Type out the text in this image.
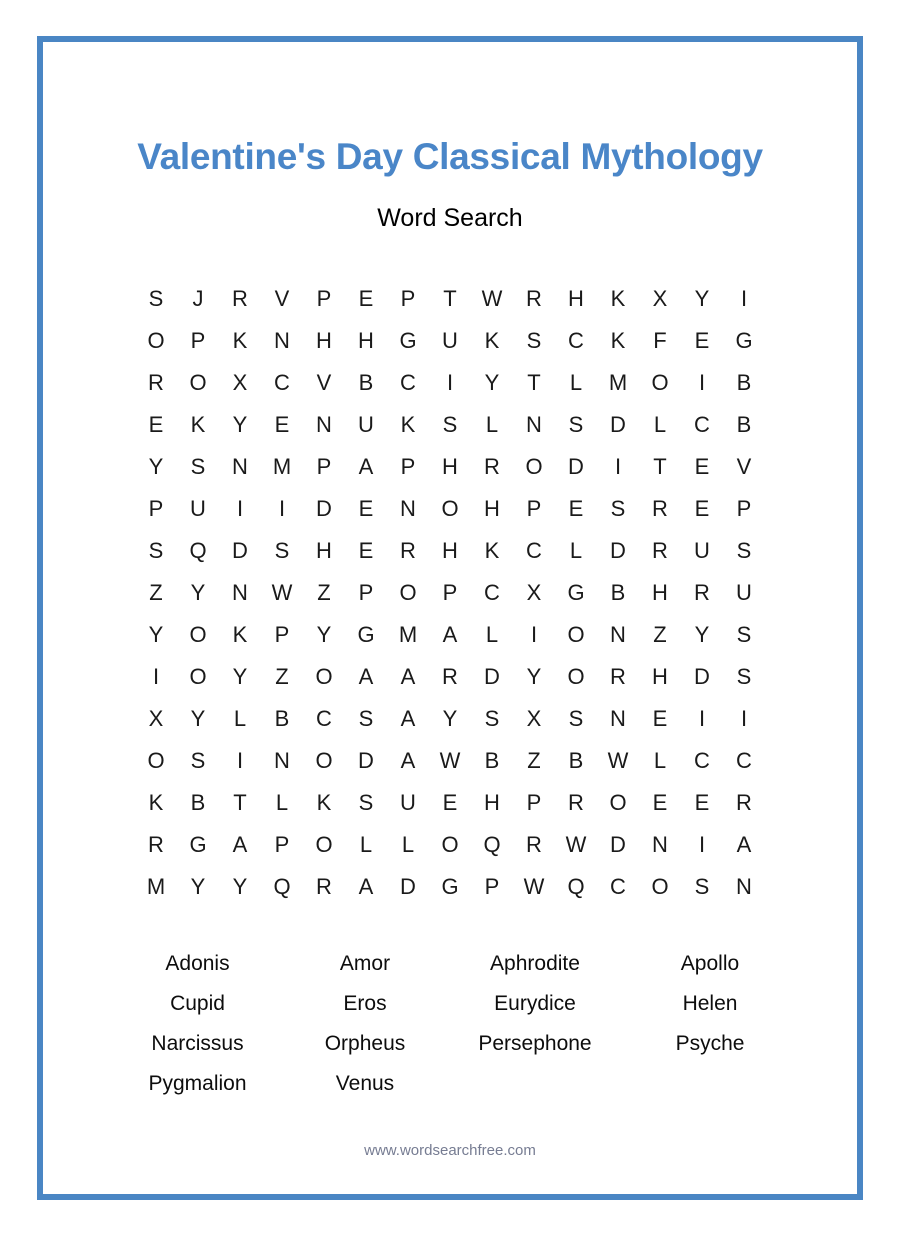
Valentine's Day Classical Mythology
Word Search
S	J	R	V	P	E	P	T	W	R	H	K	X	Y	I
O	P	K	N	H	H	G	U	K	S	C	K	F	E	G
R	O	X	C	V	B	C	I	Y	T	L	M	O	I	B
E	K	Y	E	N	U	K	S	L	N	S	D	L	C	B
Y	S	N	M	P	A	P	H	R	O	D	I	T	E	V
P	U	I	I	D	E	N	O	H	P	E	S	R	E	P
S	Q	D	S	H	E	R	H	K	C	L	D	R	U	S
Z	Y	N	W	Z	P	O	P	C	X	G	B	H	R	U
Y	O	K	P	Y	G	M	A	L	I	O	N	Z	Y	S
I	O	Y	Z	O	A	A	R	D	Y	O	R	H	D	S
X	Y	L	B	C	S	A	Y	S	X	S	N	E	I	I
O	S	I	N	O	D	A	W	B	Z	B	W	L	C	C
K	B	T	L	K	S	U	E	H	P	R	O	E	E	R
R	G	A	P	O	L	L	O	Q	R	W	D	N	I	A
M	Y	Y	Q	R	A	D	G	P	W	Q	C	O	S	N
Adonis
Cupid
Narcissus
Pygmalion
Amor
Eros
Orpheus
Venus
Aphrodite
Eurydice
Persephone
Apollo
Helen
Psyche
www.wordsearchfree.com
